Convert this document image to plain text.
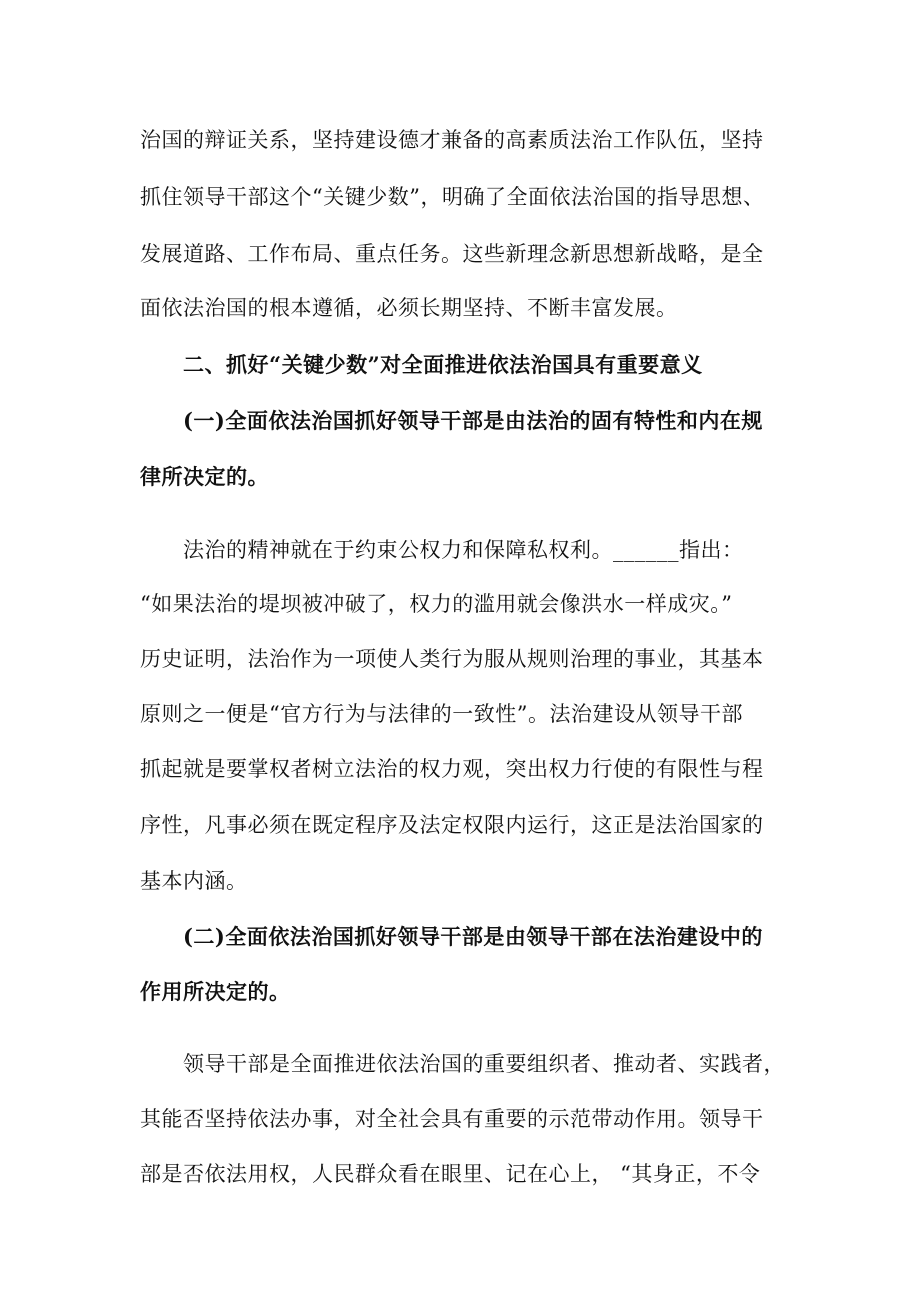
治国的辩证关系，坚持建设德才兼备的高素质法治工作队伍，坚持
抓住领导干部这个“关键少数”，明确了全面依法治国的指导思想、
发展道路、工作布局、重点任务。这些新理念新思想新战略，是全
面依法治国的根本遵循，必须长期坚持、不断丰富发展。
二、抓好“关键少数”对全面推进依法治国具有重要意义
(一)全面依法治国抓好领导干部是由法治的固有特性和内在规
律所决定的。
法治的精神就在于约束公权力和保障私权利。______指出：
“如果法治的堤坝被冲破了，权力的滥用就会像洪水一样成灾。”
历史证明，法治作为一项使人类行为服从规则治理的事业，其基本
原则之一便是“官方行为与法律的一致性”。法治建设从领导干部
抓起就是要掌权者树立法治的权力观，突出权力行使的有限性与程
序性，凡事必须在既定程序及法定权限内运行，这正是法治国家的
基本内涵。
(二)全面依法治国抓好领导干部是由领导干部在法治建设中的
作用所决定的。
领导干部是全面推进依法治国的重要组织者、推动者、实践者，
其能否坚持依法办事，对全社会具有重要的示范带动作用。领导干
部是否依法用权，人民群众看在眼里、记在心上， “其身正，不令
